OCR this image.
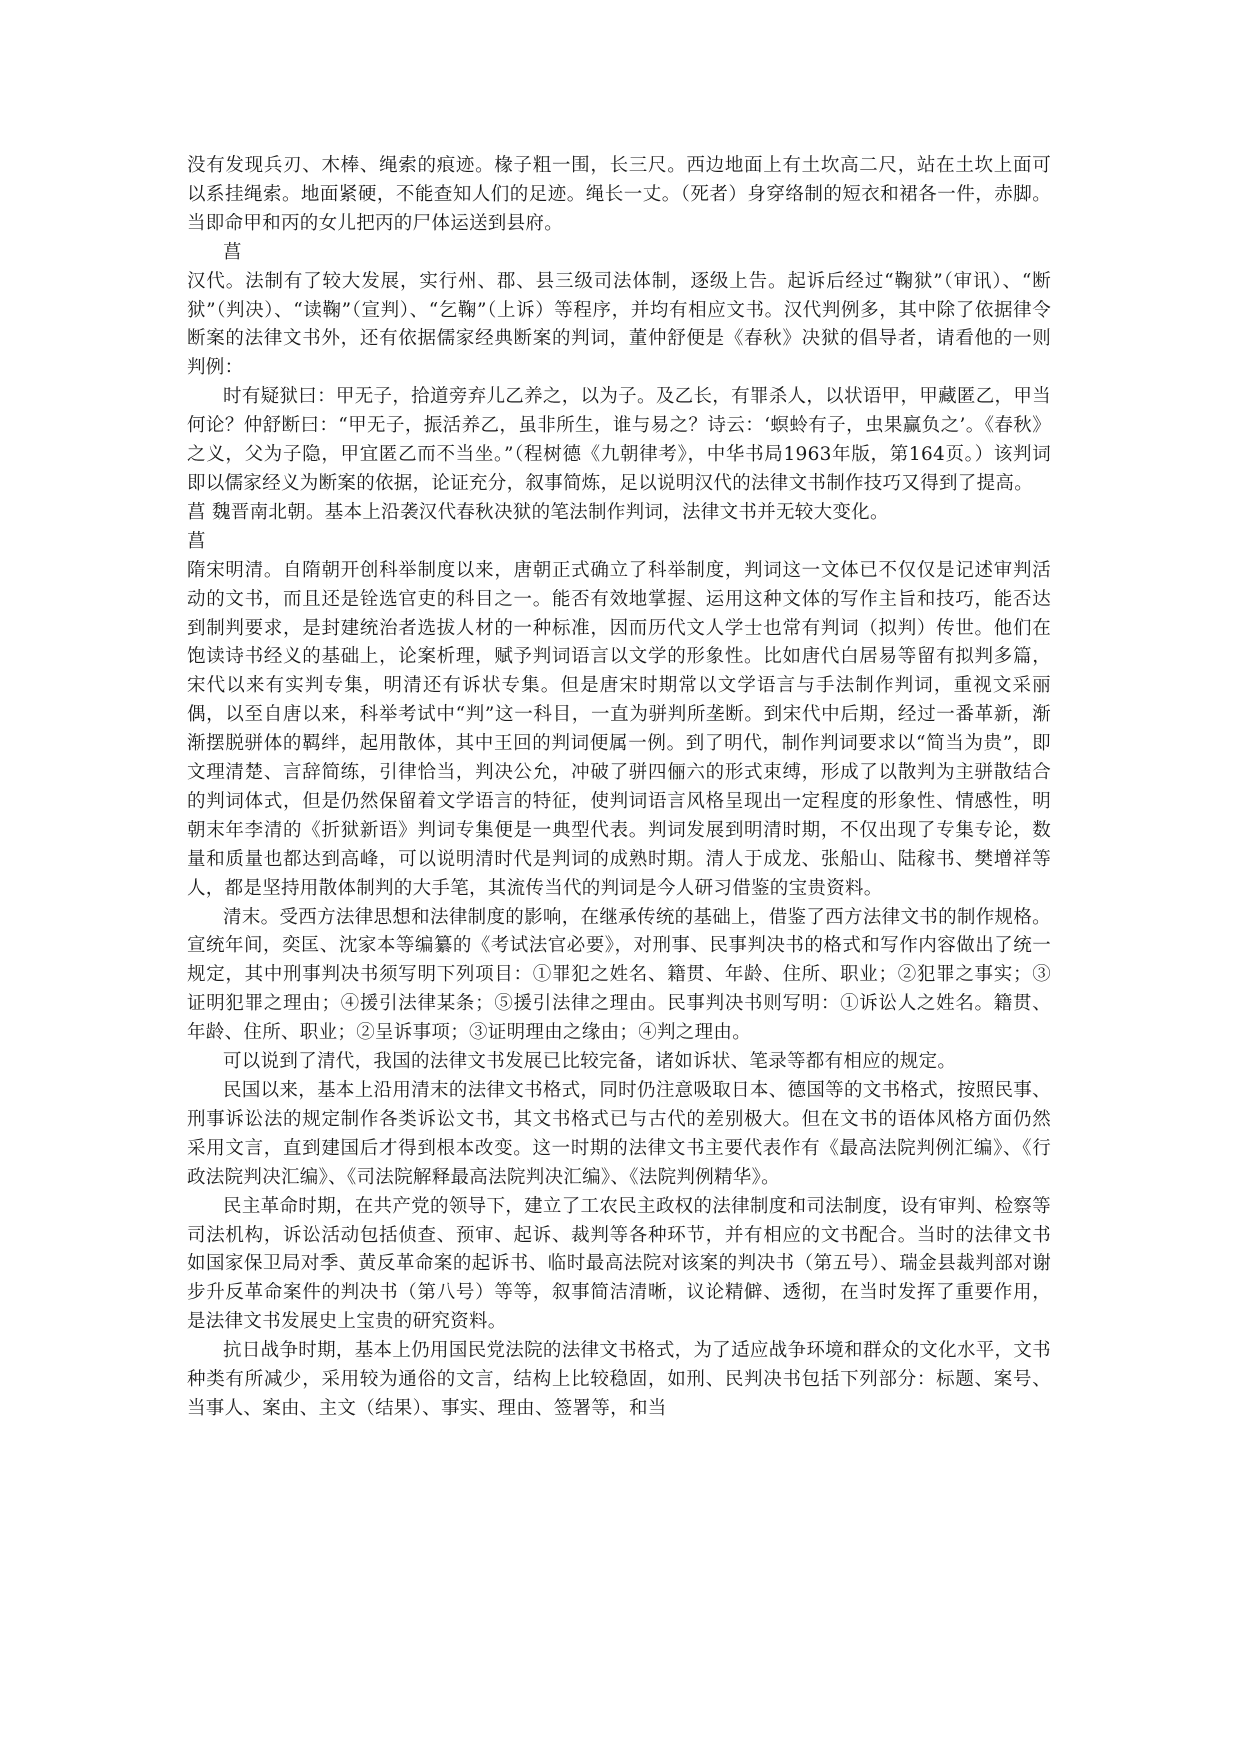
没有发现兵刃、木棒、绳索的痕迹。椽子粗一围，长三尺。西边地面上有土坎高二尺，站在土坎上面可以系挂绳索。地面紧硬，不能查知人们的足迹。绳长一丈。（死者）身穿络制的短衣和裙各一件，赤脚。当即命甲和丙的女儿把丙的尸体运送到县府。

菖

汉代。法制有了较大发展，实行州、郡、县三级司法体制，逐级上告。起诉后经过“鞠狱”（审讯）、“断狱”（判决）、“读鞠”（宣判）、“乞鞠”（上诉）等程序，并均有相应文书。汉代判例多，其中除了依据律令断案的法律文书外，还有依据儒家经典断案的判词，董仲舒便是《春秋》决狱的倡导者，请看他的一则判例：

时有疑狱曰：甲无子，拾道旁弃儿乙养之，以为子。及乙长，有罪杀人，以状语甲，甲藏匿乙，甲当何论？仲舒断曰：“甲无子，振活养乙，虽非所生，谁与易之？诗云：‘螟蛉有子，虫果赢负之’。《春秋》之义，父为子隐，甲宜匿乙而不当坐。”（程树德《九朝律考》，中华书局1963年版，第164页。）该判词即以儒家经义为断案的依据，论证充分，叙事简炼，足以说明汉代的法律文书制作技巧又得到了提高。

菖 魏晋南北朝。基本上沿袭汉代春秋决狱的笔法制作判词，法律文书并无较大变化。

菖

隋宋明清。自隋朝开创科举制度以来，唐朝正式确立了科举制度，判词这一文体已不仅仅是记述审判活动的文书，而且还是铨选官吏的科目之一。能否有效地掌握、运用这种文体的写作主旨和技巧，能否达到制判要求，是封建统治者选拔人材的一种标准，因而历代文人学士也常有判词（拟判）传世。他们在饱读诗书经义的基础上，论案析理，赋予判词语言以文学的形象性。比如唐代白居易等留有拟判多篇，宋代以来有实判专集，明清还有诉状专集。但是唐宋时期常以文学语言与手法制作判词，重视文采丽偶，以至自唐以来，科举考试中“判”这一科目，一直为骈判所垄断。到宋代中后期，经过一番革新，渐渐摆脱骈体的羁绊，起用散体，其中王回的判词便属一例。到了明代，制作判词要求以“简当为贵”，即文理清楚、言辞简练，引律恰当，判决公允，冲破了骈四俪六的形式束缚，形成了以散判为主骈散结合的判词体式，但是仍然保留着文学语言的特征，使判词语言风格呈现出一定程度的形象性、情感性，明朝末年李清的《折狱新语》判词专集便是一典型代表。判词发展到明清时期，不仅出现了专集专论，数量和质量也都达到高峰，可以说明清时代是判词的成熟时期。清人于成龙、张船山、陆稼书、樊增祥等人，都是坚持用散体制判的大手笔，其流传当代的判词是今人研习借鉴的宝贵资料。

清末。受西方法律思想和法律制度的影响，在继承传统的基础上，借鉴了西方法律文书的制作规格。宣统年间，奕匡、沈家本等编纂的《考试法官必要》，对刑事、民事判决书的格式和写作内容做出了统一规定，其中刑事判决书须写明下列项目：①罪犯之姓名、籍贯、年龄、住所、职业；②犯罪之事实；③证明犯罪之理由；④援引法律某条；⑤援引法律之理由。民事判决书则写明：①诉讼人之姓名。籍贯、年龄、住所、职业；②呈诉事项；③证明理由之缘由；④判之理由。

可以说到了清代，我国的法律文书发展已比较完备，诸如诉状、笔录等都有相应的规定。

民国以来，基本上沿用清末的法律文书格式，同时仍注意吸取日本、德国等的文书格式，按照民事、刑事诉讼法的规定制作各类诉讼文书，其文书格式已与古代的差别极大。但在文书的语体风格方面仍然采用文言，直到建国后才得到根本改变。这一时期的法律文书主要代表作有《最高法院判例汇编》、《行政法院判决汇编》、《司法院解释最高法院判决汇编》、《法院判例精华》。

民主革命时期，在共产党的领导下，建立了工农民主政权的法律制度和司法制度，设有审判、检察等司法机构，诉讼活动包括侦查、预审、起诉、裁判等各种环节，并有相应的文书配合。当时的法律文书如国家保卫局对季、黄反革命案的起诉书、临时最高法院对该案的判决书（第五号）、瑞金县裁判部对谢步升反革命案件的判决书（第八号）等等，叙事简洁清晰，议论精僻、透彻，在当时发挥了重要作用，是法律文书发展史上宝贵的研究资料。

抗日战争时期，基本上仍用国民党法院的法律文书格式，为了适应战争环境和群众的文化水平，文书种类有所减少，采用较为通俗的文言，结构上比较稳固，如刑、民判决书包括下列部分：标题、案号、当事人、案由、主文（结果）、事实、理由、签署等，和当
